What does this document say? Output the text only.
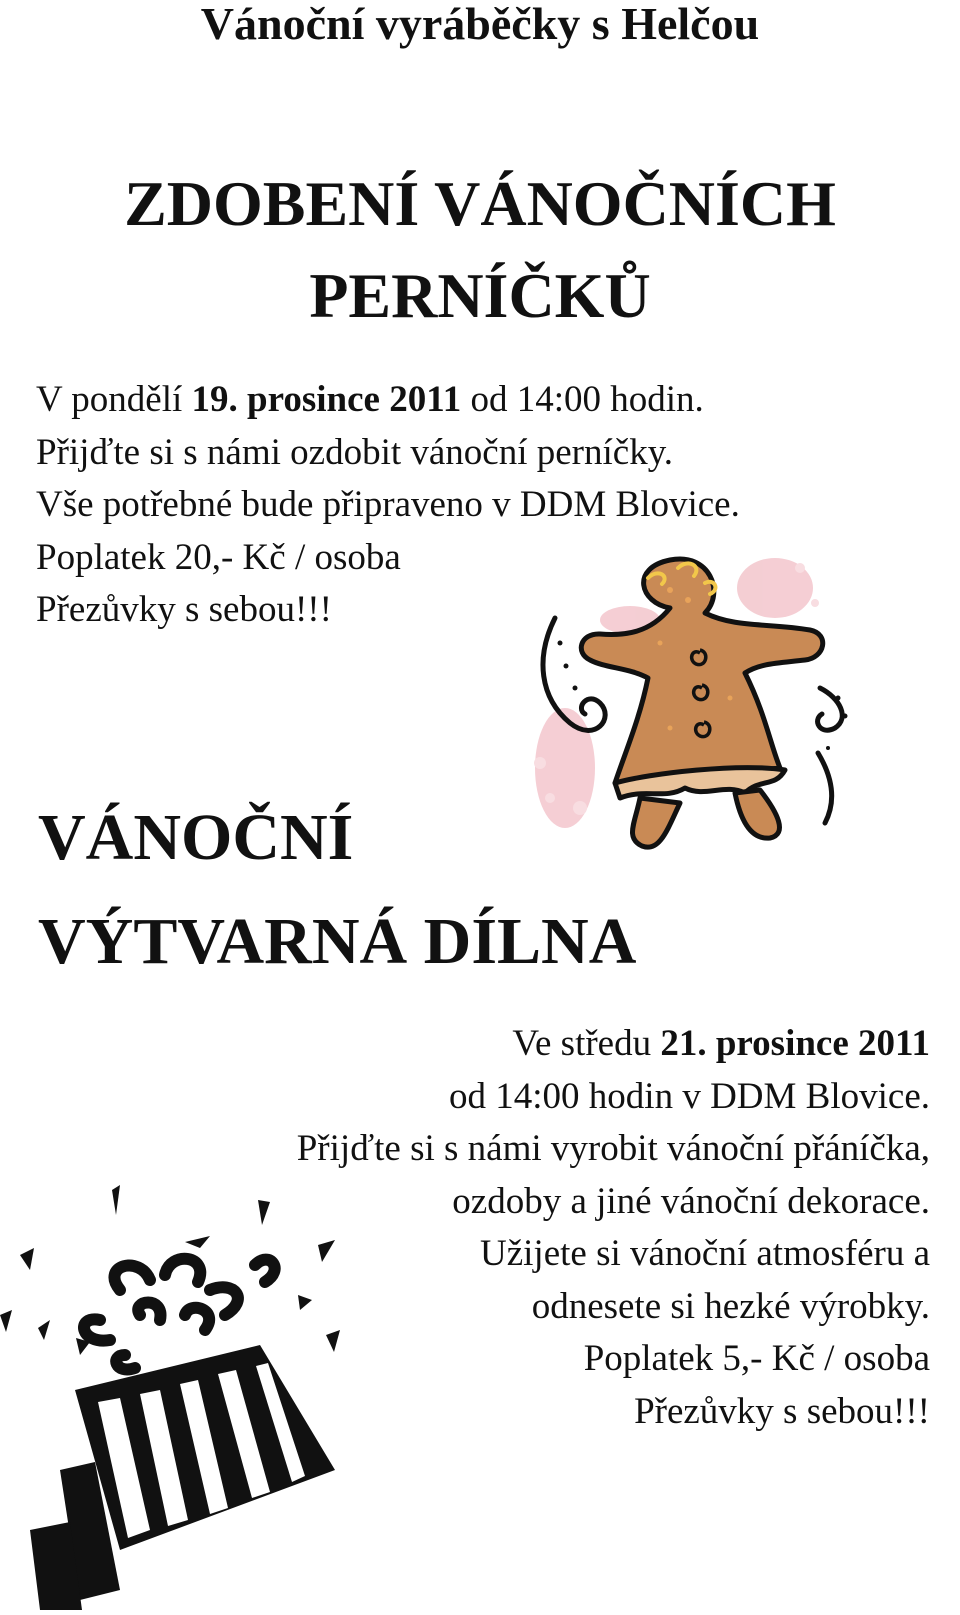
Vánoční vyráběčky s Helčou
ZDOBENÍ VÁNOČNÍCH
PERNÍČKŮ
V pondělí 19. prosince 2011 od 14:00 hodin.
Přijďte si s námi ozdobit vánoční perníčky.
Vše potřebné bude připraveno v DDM Blovice.
Poplatek 20,- Kč / osoba
Přezůvky s sebou!!!
VÁNOČNÍ
VÝTVARNÁ DÍLNA
Ve středu 21. prosince 2011
od 14:00 hodin v DDM Blovice.
Přijďte si s námi vyrobit vánoční přáníčka,
ozdoby a jiné vánoční dekorace.
Užijete si vánoční atmosféru a
odnesete si hezké výrobky.
Poplatek 5,- Kč / osoba
Přezůvky s sebou!!!
